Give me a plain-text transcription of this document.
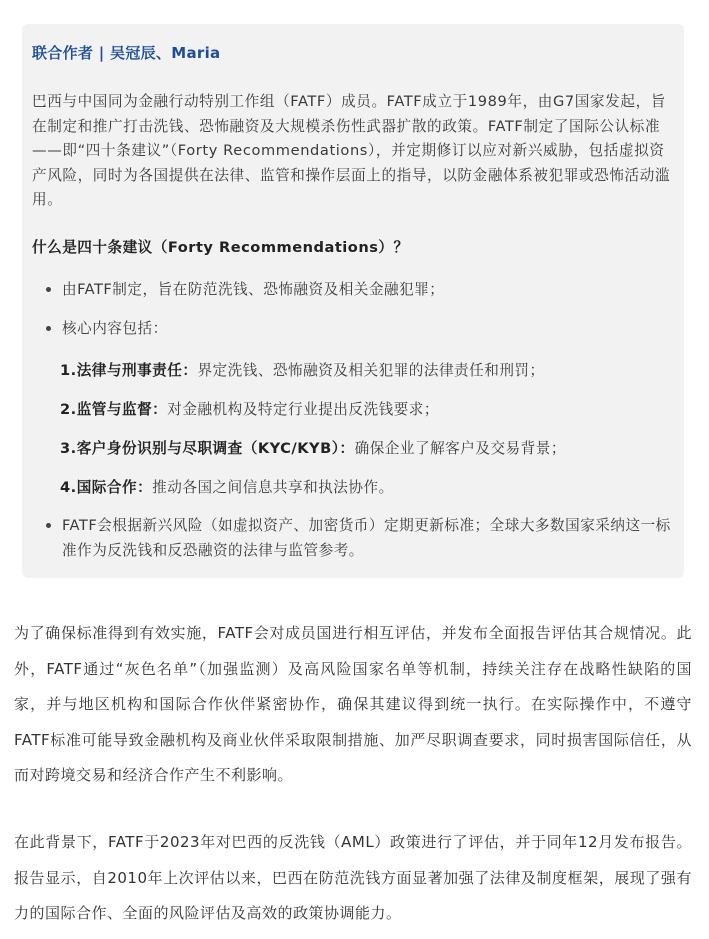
联合作者 | 吴冠辰、Maria

巴西与中国同为金融行动特别工作组（FATF）成员。FATF成立于1989年，由G7国家发起，旨在制定和推广打击洗钱、恐怖融资及大规模杀伤性武器扩散的政策。FATF制定了国际公认标准——即“四十条建议”（Forty Recommendations），并定期修订以应对新兴威胁，包括虚拟资产风险，同时为各国提供在法律、监管和操作层面上的指导，以防金融体系被犯罪或恐怖活动滥用。

什么是四十条建议（Forty Recommendations）？
由FATF制定，旨在防范洗钱、恐怖融资及相关金融犯罪；
核心内容包括：
1.法律与刑事责任：界定洗钱、恐怖融资及相关犯罪的法律责任和刑罚；
2.监管与监督：对金融机构及特定行业提出反洗钱要求；
3.客户身份识别与尽职调查（KYC/KYB）：确保企业了解客户及交易背景；
4.国际合作：推动各国之间信息共享和执法协作。
FATF会根据新兴风险（如虚拟资产、加密货币）定期更新标准；全球大多数国家采纳这一标准作为反洗钱和反恐融资的法律与监管参考。

为了确保标准得到有效实施，FATF会对成员国进行相互评估，并发布全面报告评估其合规情况。此外，FATF通过“灰色名单”（加强监测）及高风险国家名单等机制，持续关注存在战略性缺陷的国家，并与地区机构和国际合作伙伴紧密协作，确保其建议得到统一执行。在实际操作中，不遵守FATF标准可能导致金融机构及商业伙伴采取限制措施、加严尽职调查要求，同时损害国际信任，从而对跨境交易和经济合作产生不利影响。

在此背景下，FATF于2023年对巴西的反洗钱（AML）政策进行了评估，并于同年12月发布报告。报告显示，自2010年上次评估以来，巴西在防范洗钱方面显著加强了法律及制度框架，展现了强有力的国际合作、全面的风险评估及高效的政策协调能力。
